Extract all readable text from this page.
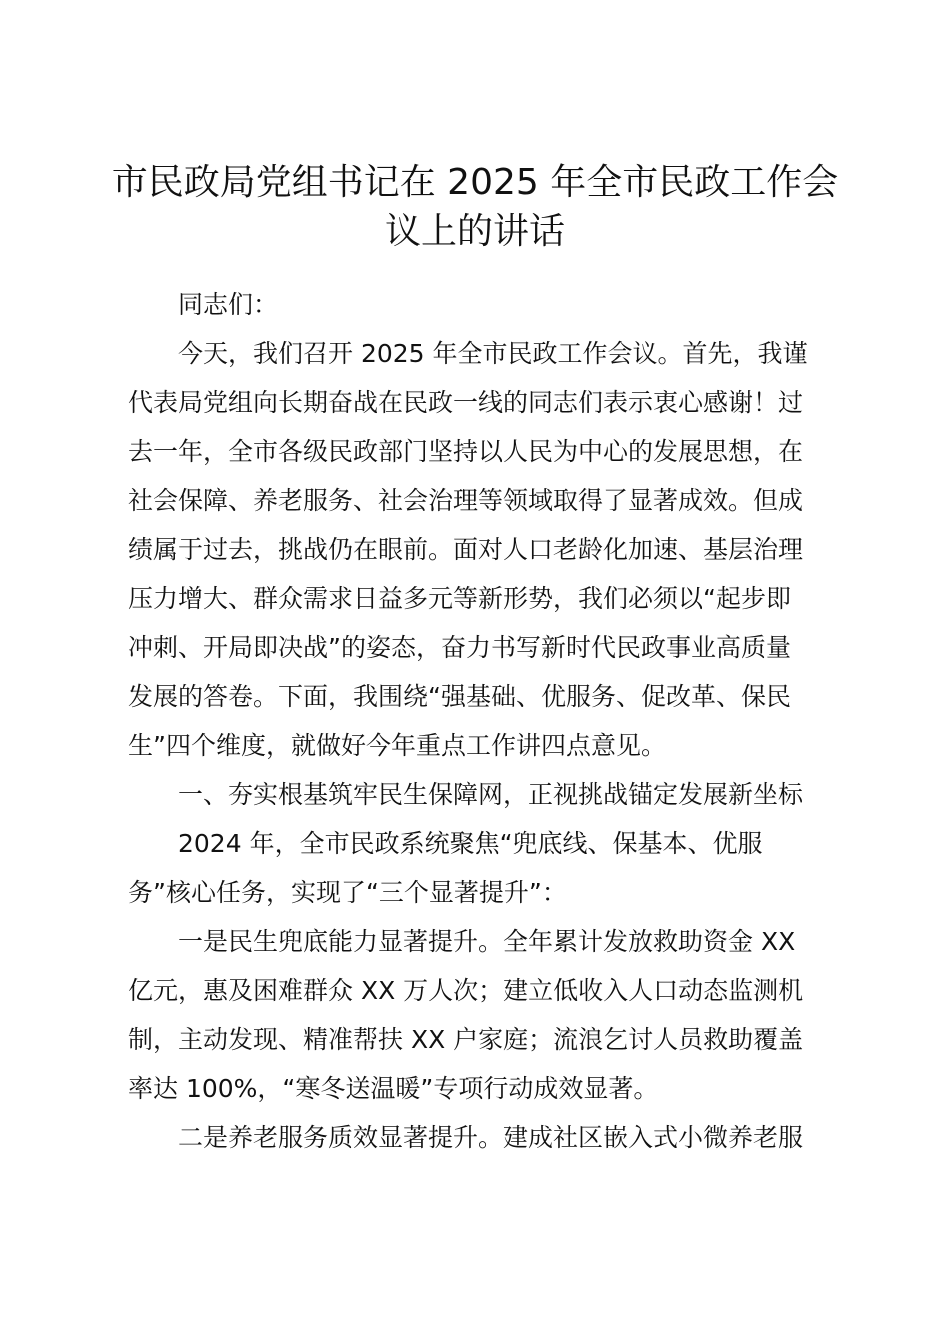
市民政局党组书记在 2025 年全市民政工作会
议上的讲话

同志们：

今天，我们召开 2025 年全市民政工作会议。首先，我谨
代表局党组向长期奋战在民政一线的同志们表示衷心感谢！过
去一年，全市各级民政部门坚持以人民为中心的发展思想，在
社会保障、养老服务、社会治理等领域取得了显著成效。但成
绩属于过去，挑战仍在眼前。面对人口老龄化加速、基层治理
压力增大、群众需求日益多元等新形势，我们必须以“起步即
冲刺、开局即决战”的姿态，奋力书写新时代民政事业高质量
发展的答卷。下面，我围绕“强基础、优服务、促改革、保民
生”四个维度，就做好今年重点工作讲四点意见。

一、夯实根基筑牢民生保障网，正视挑战锚定发展新坐标

2024 年，全市民政系统聚焦“兜底线、保基本、优服
务”核心任务，实现了“三个显著提升”：

一是民生兜底能力显著提升。全年累计发放救助资金 XX
亿元，惠及困难群众 XX 万人次；建立低收入人口动态监测机
制，主动发现、精准帮扶 XX 户家庭；流浪乞讨人员救助覆盖
率达 100%，“寒冬送温暖”专项行动成效显著。

二是养老服务质效显著提升。建成社区嵌入式小微养老服
